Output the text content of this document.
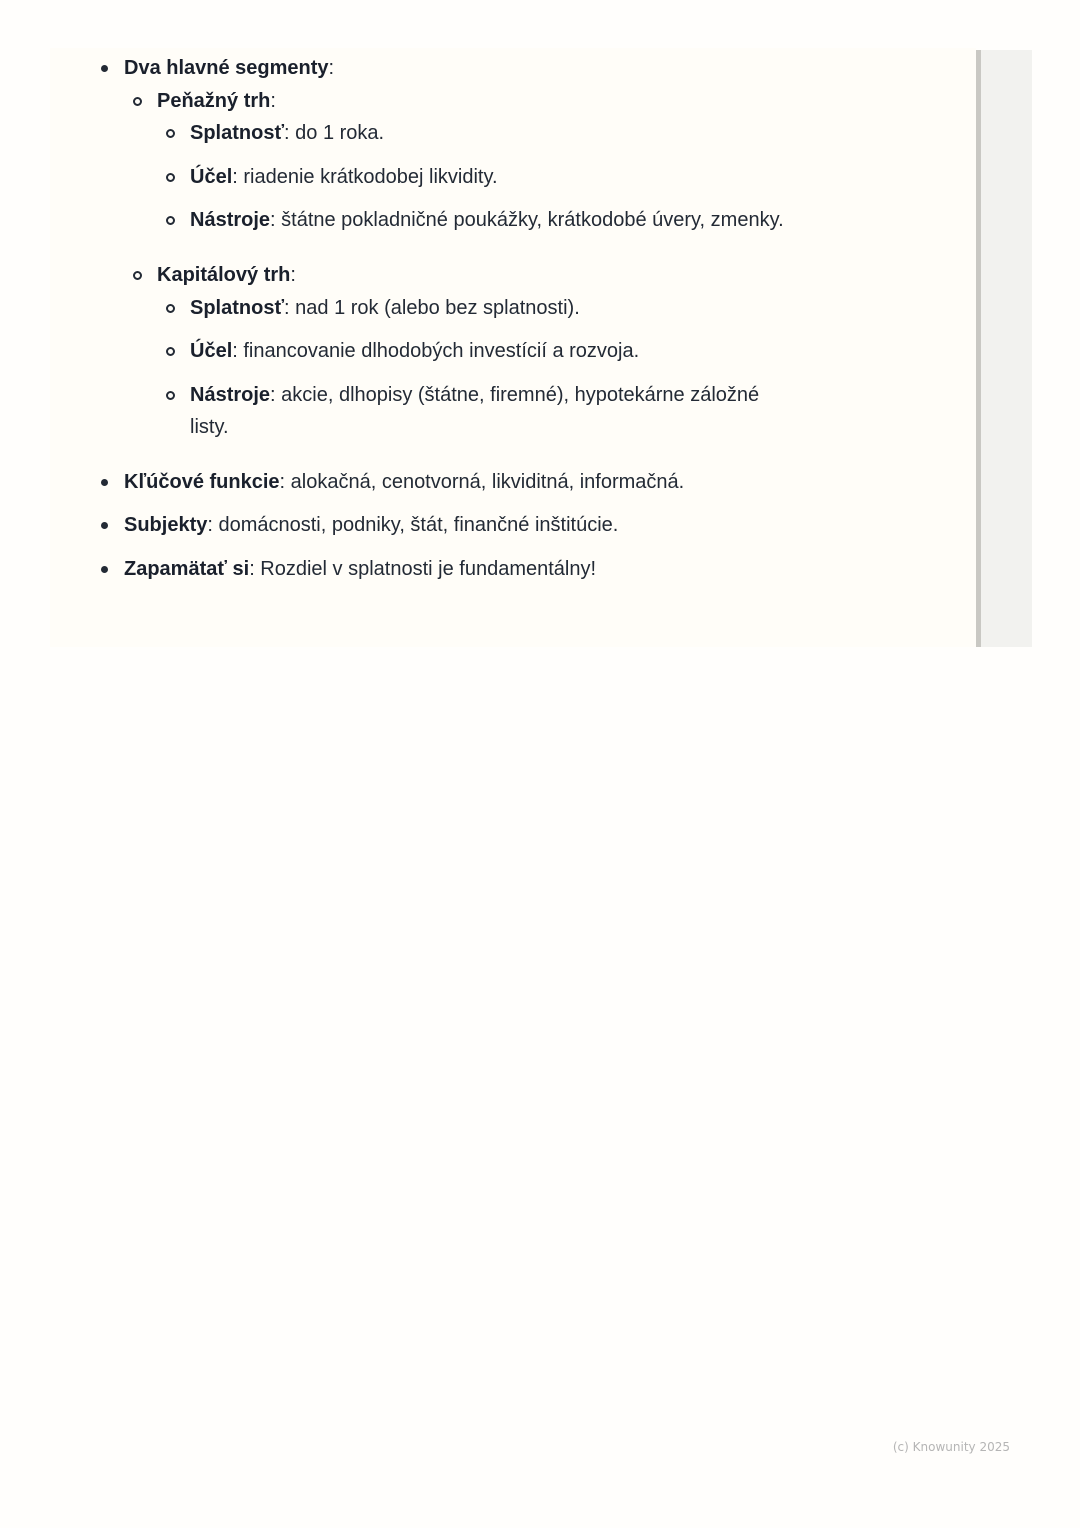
Dva hlavné segmenty:
Peňažný trh:
Splatnosť: do 1 roka.
Účel: riadenie krátkodobej likvidity.
Nástroje: štátne pokladničné poukážky, krátkodobé úvery, zmenky.
Kapitálový trh:
Splatnosť: nad 1 rok (alebo bez splatnosti).
Účel: financovanie dlhodobých investícií a rozvoja.
Nástroje: akcie, dlhopisy (štátne, firemné), hypotekárne záložné
listy.
Kľúčové funkcie: alokačná, cenotvorná, likviditná, informačná.
Subjekty: domácnosti, podniky, štát, finančné inštitúcie.
Zapamätať si: Rozdiel v splatnosti je fundamentálny!
(c) Knowunity 2025
